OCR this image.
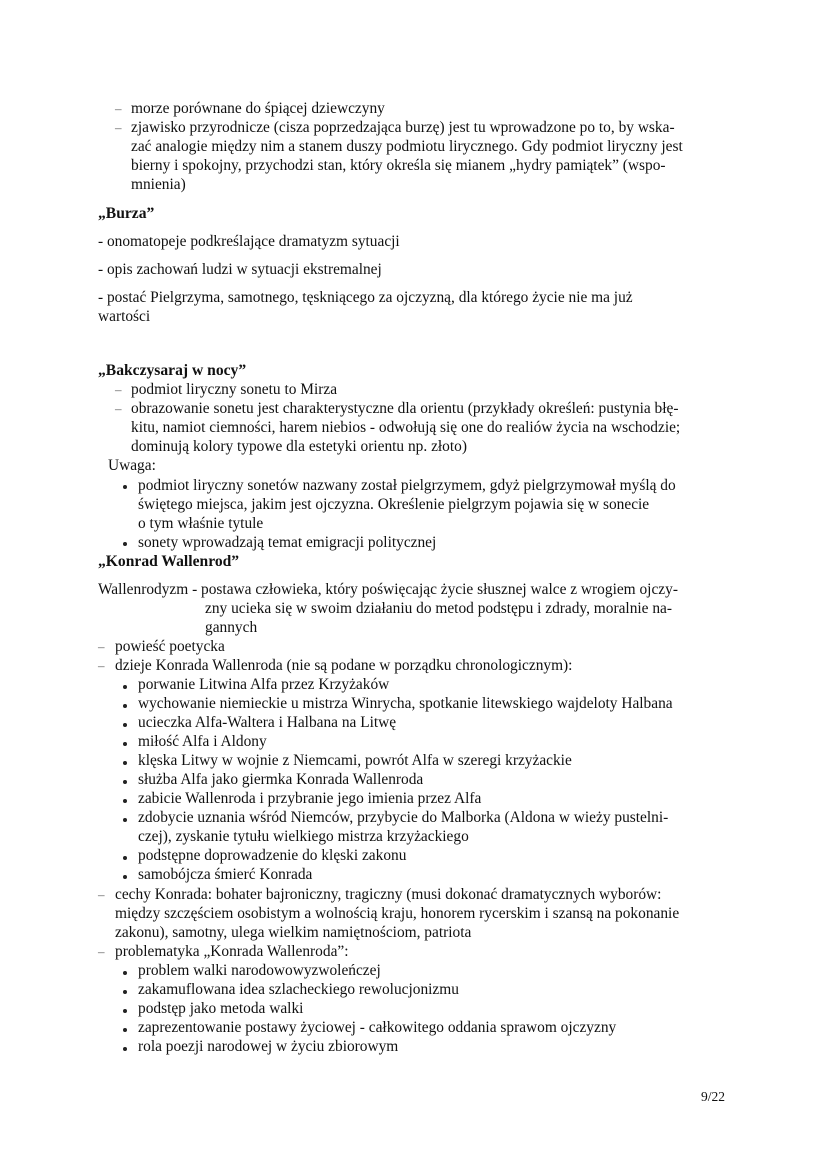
– morze porównane do śpiącej dziewczyny
– zjawisko przyrodnicze (cisza poprzedzająca burzę) jest tu wprowadzone po to, by wska-
zać analogie między nim a stanem duszy podmiotu lirycznego. Gdy podmiot liryczny jest
bierny i spokojny, przychodzi stan, który określa się mianem „hydry pamiątek” (wspo-
mnienia)
„Burza”
- onomatopeje podkreślające dramatyzm sytuacji
- opis zachowań ludzi w sytuacji ekstremalnej
- postać Pielgrzyma, samotnego, tęskniącego za ojczyzną, dla którego życie nie ma już
wartości
„Bakczysaraj w nocy”
– podmiot liryczny sonetu to Mirza
– obrazowanie sonetu jest charakterystyczne dla orientu (przykłady określeń: pustynia błę-
kitu, namiot ciemności, harem niebios - odwołują się one do realiów życia na wschodzie;
dominują kolory typowe dla estetyki orientu np. złoto)
Uwaga:
podmiot liryczny sonetów nazwany został pielgrzymem, gdyż pielgrzymował myślą do
świętego miejsca, jakim jest ojczyzna. Określenie pielgrzym pojawia się w sonecie
o tym właśnie tytule
sonety wprowadzają temat emigracji politycznej
„Konrad Wallenrod”
Wallenrodyzm - postawa człowieka, który poświęcając życie słusznej walce z wrogiem ojczy-
zny ucieka się w swoim działaniu do metod podstępu i zdrady, moralnie na-
gannych
– powieść poetycka
– dzieje Konrada Wallenroda (nie są podane w porządku chronologicznym):
porwanie Litwina Alfa przez Krzyżaków
wychowanie niemieckie u mistrza Winrycha, spotkanie litewskiego wajdeloty Halbana
ucieczka Alfa-Waltera i Halbana na Litwę
miłość Alfa i Aldony
klęska Litwy w wojnie z Niemcami, powrót Alfa w szeregi krzyżackie
służba Alfa jako giermka Konrada Wallenroda
zabicie Wallenroda i przybranie jego imienia przez Alfa
zdobycie uznania wśród Niemców, przybycie do Malborka (Aldona w wieży pustelni-
czej), zyskanie tytułu wielkiego mistrza krzyżackiego
podstępne doprowadzenie do klęski zakonu
samobójcza śmierć Konrada
– cechy Konrada: bohater bajroniczny, tragiczny (musi dokonać dramatycznych wyborów:
między szczęściem osobistym a wolnością kraju, honorem rycerskim i szansą na pokonanie
zakonu), samotny, ulega wielkim namiętnościom, patriota
– problematyka „Konrada Wallenroda”:
problem walki narodowowyzwoleńczej
zakamuflowana idea szlacheckiego rewolucjonizmu
podstęp jako metoda walki
zaprezentowanie postawy życiowej - całkowitego oddania sprawom ojczyzny
rola poezji narodowej w życiu zbiorowym
9/22
